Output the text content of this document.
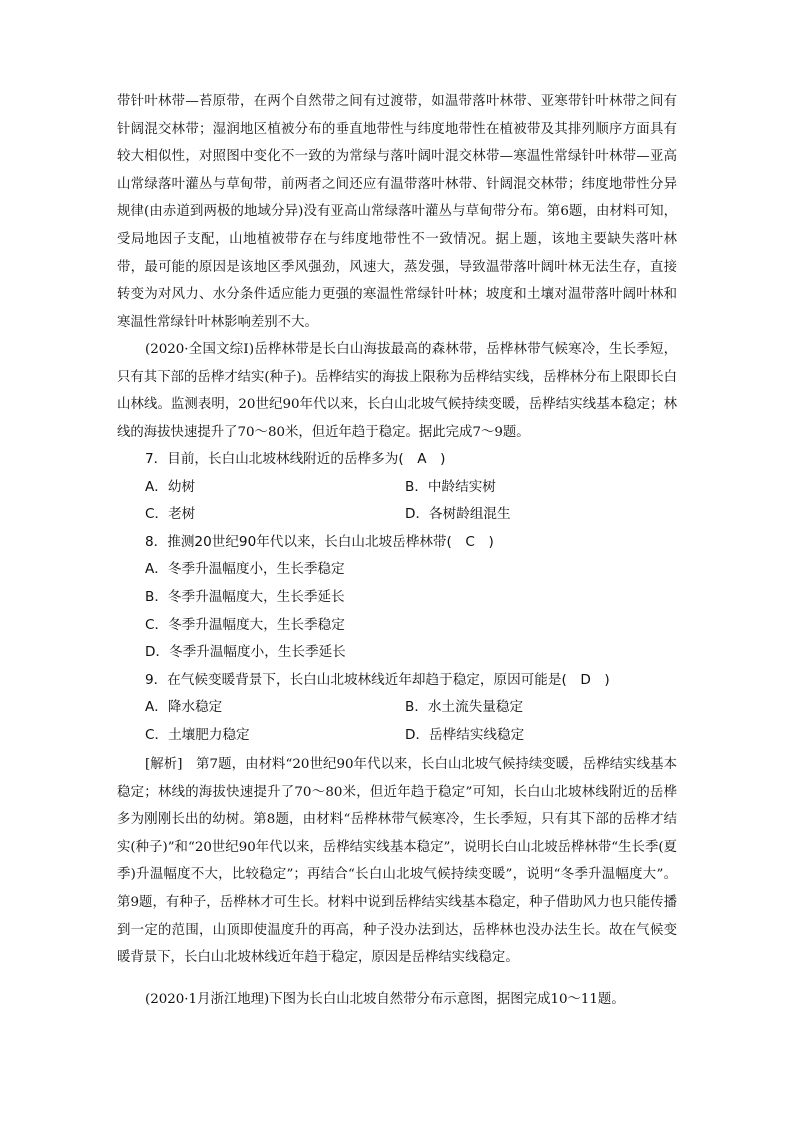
带针叶林带—苔原带，在两个自然带之间有过渡带，如温带落叶林带、亚寒带针叶林带之间有针阔混交林带；湿润地区植被分布的垂直地带性与纬度地带性在植被带及其排列顺序方面具有较大相似性，对照图中变化不一致的为常绿与落叶阔叶混交林带—寒温性常绿针叶林带—亚高山常绿落叶灌丛与草甸带，前两者之间还应有温带落叶林带、针阔混交林带；纬度地带性分异规律(由赤道到两极的地域分异)没有亚高山常绿落叶灌丛与草甸带分布。第6题，由材料可知，受局地因子支配，山地植被带存在与纬度地带性不一致情况。据上题，该地主要缺失落叶林带，最可能的原因是该地区季风强劲，风速大，蒸发强，导致温带落叶阔叶林无法生存，直接转变为对风力、水分条件适应能力更强的寒温性常绿针叶林；坡度和土壤对温带落叶阔叶林和寒温性常绿针叶林影响差别不大。

(2020·全国文综Ⅰ)岳桦林带是长白山海拔最高的森林带，岳桦林带气候寒冷，生长季短，只有其下部的岳桦才结实(种子)。岳桦结实的海拔上限称为岳桦结实线，岳桦林分布上限即长白山林线。监测表明，20世纪90年代以来，长白山北坡气候持续变暖，岳桦结实线基本稳定；林线的海拔快速提升了70～80米，但近年趋于稳定。据此完成7～9题。

7．目前，长白山北坡林线附近的岳桦多为(　A　)

A．幼树	B．中龄结实树
C．老树	D．各树龄组混生

8．推测20世纪90年代以来，长白山北坡岳桦林带(　C　)

A．冬季升温幅度小，生长季稳定
B．冬季升温幅度大，生长季延长
C．冬季升温幅度大，生长季稳定
D．冬季升温幅度小，生长季延长

9．在气候变暖背景下，长白山北坡林线近年却趋于稳定，原因可能是(　D　)

A．降水稳定	B．水土流失量稳定
C．土壤肥力稳定	D．岳桦结实线稳定

[解析]　第7题，由材料“20世纪90年代以来，长白山北坡气候持续变暖，岳桦结实线基本稳定；林线的海拔快速提升了70～80米，但近年趋于稳定”可知，长白山北坡林线附近的岳桦多为刚刚长出的幼树。第8题，由材料“岳桦林带气候寒冷，生长季短，只有其下部的岳桦才结实(种子)”和“20世纪90年代以来，岳桦结实线基本稳定”，说明长白山北坡岳桦林带“生长季(夏季)升温幅度不大，比较稳定”；再结合“长白山北坡气候持续变暖”，说明“冬季升温幅度大”。第9题，有种子，岳桦林才可生长。材料中说到岳桦结实线基本稳定，种子借助风力也只能传播到一定的范围，山顶即使温度升的再高，种子没办法到达，岳桦林也没办法生长。故在气候变暖背景下，长白山北坡林线近年趋于稳定，原因是岳桦结实线稳定。

(2020·1月浙江地理)下图为长白山北坡自然带分布示意图，据图完成10～11题。
